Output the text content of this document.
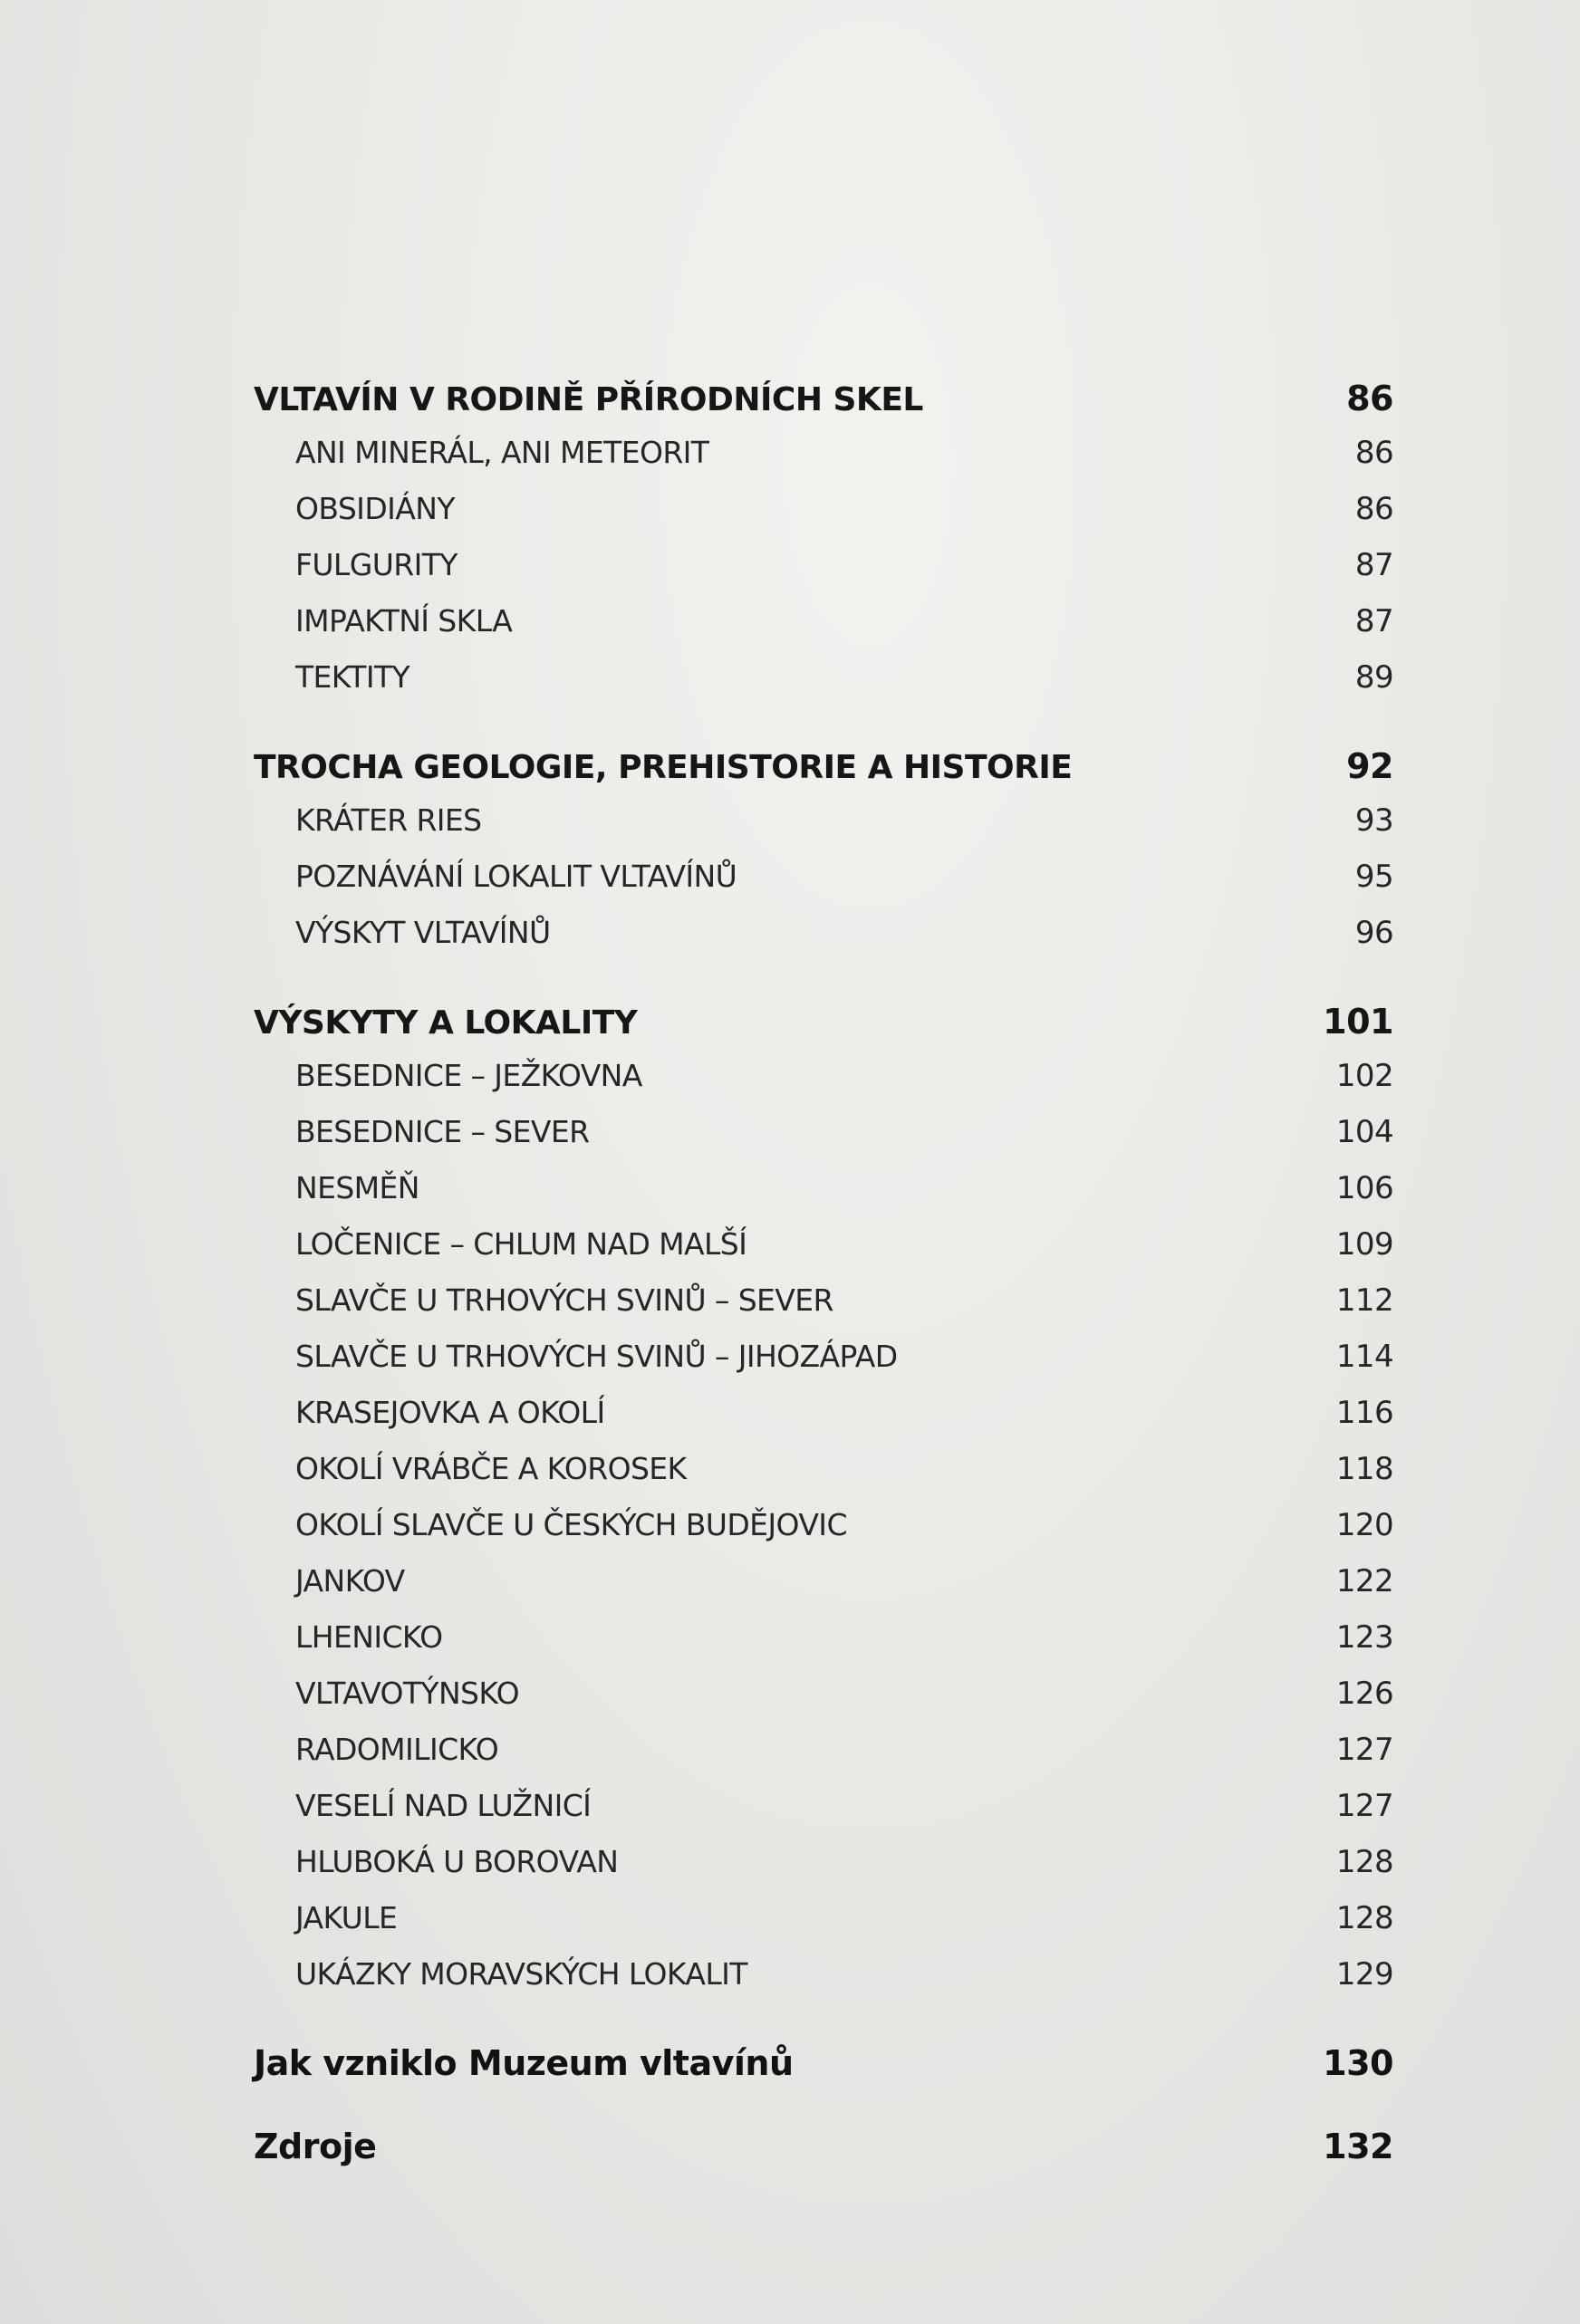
VLTAVÍN V RODINĚ PŘÍRODNÍCH SKEL	86
ANI MINERÁL, ANI METEORIT	86
OBSIDIÁNY	86
FULGURITY	87
IMPAKTNÍ SKLA	87
TEKTITY	89
TROCHA GEOLOGIE, PREHISTORIE A HISTORIE	92
KRÁTER RIES	93
POZNÁVÁNÍ LOKALIT VLTAVÍNŮ	95
VÝSKYT VLTAVÍNŮ	96
VÝSKYTY A LOKALITY	101
BESEDNICE – JEŽKOVNA	102
BESEDNICE – SEVER	104
NESMĚŇ	106
LOČENICE – CHLUM NAD MALŠÍ	109
SLAVČE U TRHOVÝCH SVINŮ – SEVER	112
SLAVČE U TRHOVÝCH SVINŮ – JIHOZÁPAD	114
KRASEJOVKA A OKOLÍ	116
OKOLÍ VRÁBČE A KOROSEK	118
OKOLÍ SLAVČE U ČESKÝCH BUDĚJOVIC	120
JANKOV	122
LHENICKO	123
VLTAVOTÝNSKO	126
RADOMILICKO	127
VESELÍ NAD LUŽNICÍ	127
HLUBOKÁ U BOROVAN	128
JAKULE	128
UKÁZKY MORAVSKÝCH LOKALIT	129
Jak vzniklo Muzeum vltavínů	130
Zdroje	132
